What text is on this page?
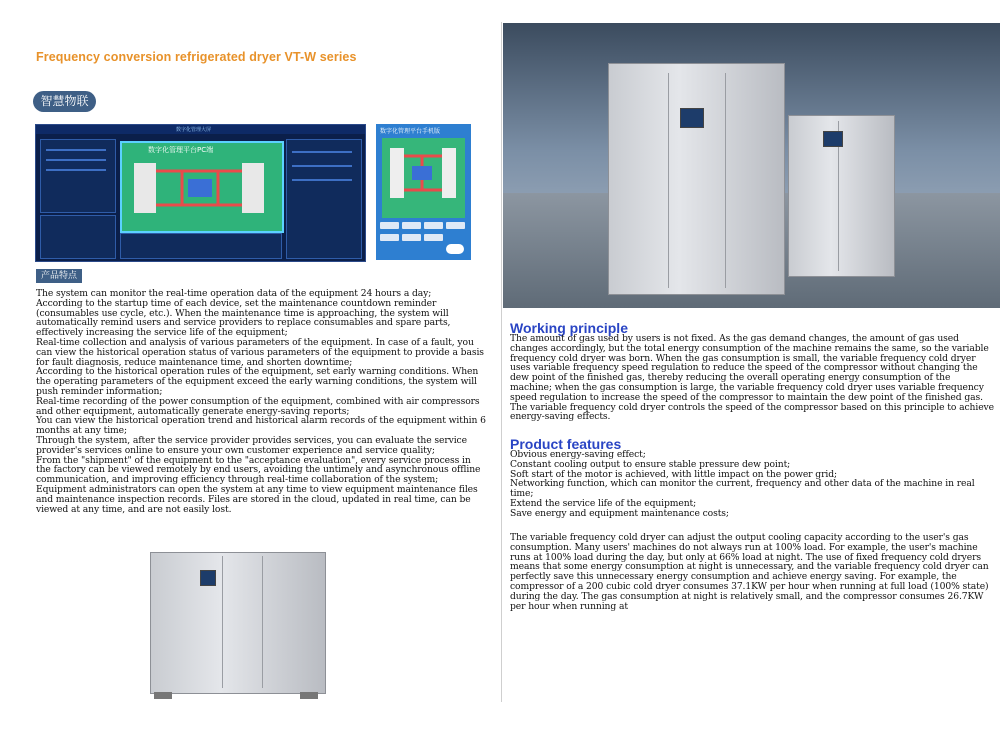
Frequency conversion refrigerated dryer VT-W series
智慧物联
数字化管理大屏
数字化管理平台PC端
数字化管理平台手机版
产品特点

The system can monitor the real-time operation data of the equipment 24 hours a day;

According to the startup time of each device, set the maintenance countdown reminder (consumables use cycle, etc.). When the maintenance time is approaching, the system will automatically remind users and service providers to replace consumables and spare parts, effectively increasing the service life of the equipment;

Real-time collection and analysis of various parameters of the equipment. In case of a fault, you can view the historical operation status of various parameters of the equipment to provide a basis for fault diagnosis, reduce maintenance time, and shorten downtime;

According to the historical operation rules of the equipment, set early warning conditions. When the operating parameters of the equipment exceed the early warning conditions, the system will push reminder information;

Real-time recording of the power consumption of the equipment, combined with air compressors and other equipment, automatically generate energy-saving reports;

You can view the historical operation trend and historical alarm records of the equipment within 6 months at any time;

Through the system, after the service provider provides services, you can evaluate the service provider's services online to ensure your own customer experience and service quality;

From the "shipment" of the equipment to the "acceptance evaluation", every service process in the factory can be viewed remotely by end users, avoiding the untimely and asynchronous offline communication, and improving efficiency through real-time collaboration of the system;

Equipment administrators can open the system at any time to view equipment maintenance files and maintenance inspection records. Files are stored in the cloud, updated in real time, can be viewed at any time, and are not easily lost.

Working principle
The amount of gas used by users is not fixed. As the gas demand changes, the amount of gas used changes accordingly, but the total energy consumption of the machine remains the same, so the variable frequency cold dryer was born. When the gas consumption is small, the variable frequency cold dryer uses variable frequency speed regulation to reduce the speed of the compressor without changing the dew point of the finished gas, thereby reducing the overall operating energy consumption of the machine; when the gas consumption is large, the variable frequency cold dryer uses variable frequency speed regulation to increase the speed of the compressor to maintain the dew point of the finished gas. The variable frequency cold dryer controls the speed of the compressor based on this principle to achieve energy-saving effects.
Product features
Obvious energy-saving effect;
Constant cooling output to ensure stable pressure dew point;
Soft start of the motor is achieved, with little impact on the power grid;
Networking function, which can monitor the current, frequency and other data of the machine in real time;
Extend the service life of the equipment;
Save energy and equipment maintenance costs;
The variable frequency cold dryer can adjust the output cooling capacity according to the user's gas consumption. Many users' machines do not always run at 100% load. For example, the user's machine runs at 100% load during the day, but only at 66% load at night. The use of fixed frequency cold dryers means that some energy consumption at night is unnecessary, and the variable frequency cold dryer can perfectly save this unnecessary energy consumption and achieve energy saving. For example, the compressor of a 200 cubic cold dryer consumes 37.1KW per hour when running at full load (100% state) during the day. The gas consumption at night is relatively small, and the compressor consumes 26.7KW per hour when running at
